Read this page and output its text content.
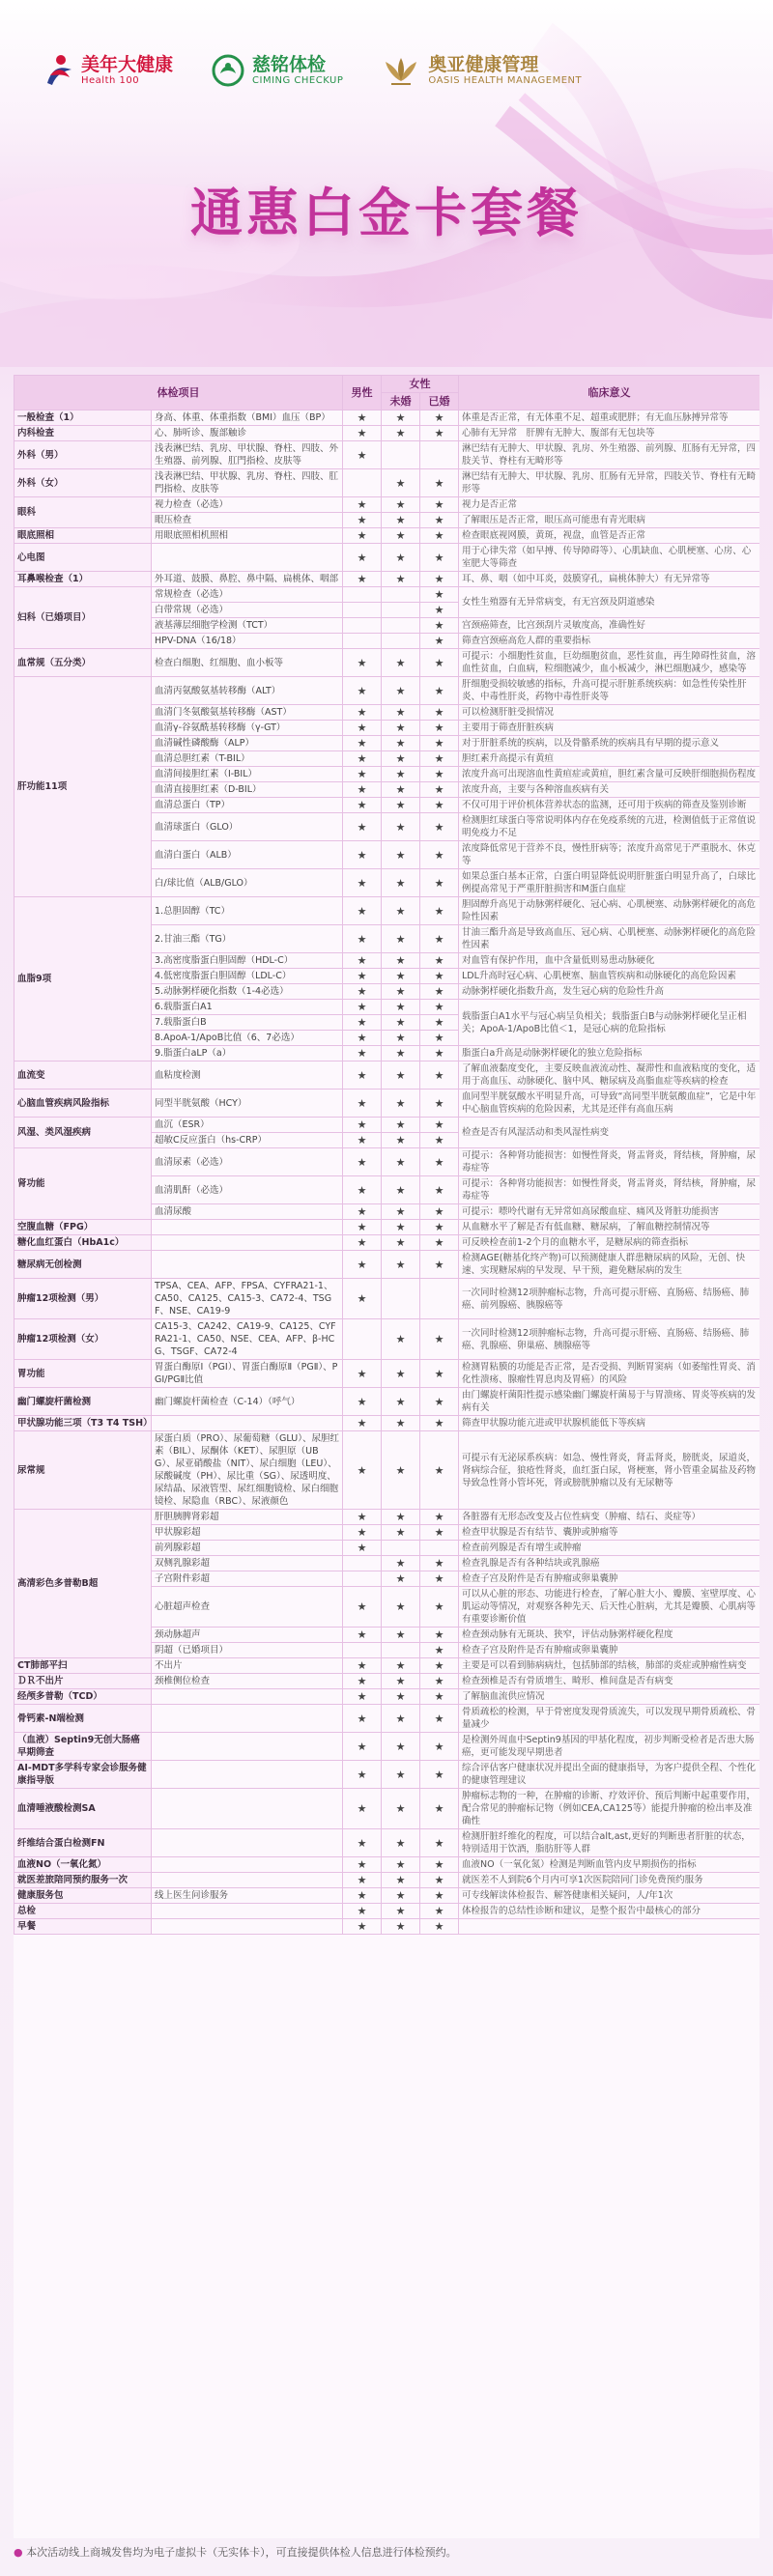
美年大健康
Health 100
慈铭体检
CIMING CHECKUP
奥亚健康管理
OASIS HEALTH MANAGEMENT
通惠白金卡套餐
体检项目		男性	女性		临床意义
			未婚	已婚	
一般检查（1）	身高、体重、体重指数（BMI）血压（BP）	★	★	★	体重是否正常，有无体重不足、超重或肥胖；有无血压脉搏异常等
内科检查	心、肺听诊、腹部触诊	★	★	★	心肺有无异常　肝脾有无肿大、腹部有无包块等
外科（男）	浅表淋巴结、乳房、甲状腺、脊柱、四肢、外生殖器、前列腺、肛門指检、皮肤等	★			淋巴结有无肿大、甲状腺、乳房、外生殖器、前列腺、肛肠有无异常，四肢关节、脊柱有无畸形等
外科（女）	浅表淋巴结、甲状腺、乳房、脊柱、四肢、肛門指检、皮肤等		★	★	淋巴结有无肿大、甲状腺、乳房、肛肠有无异常，四肢关节、脊柱有无畸形等
眼科	视力检查（必选）	★	★	★	视力是否正常
	眼压检查	★	★	★	了解眼压是否正常，眼压高可能患有青光眼病
眼底照相	用眼底照相机照相	★	★	★	检查眼底视网膜，黄斑，视盘，血管是否正常
心电图		★	★	★	用于心律失常（如早搏、传导障碍等）、心肌缺血、心肌梗塞、心房、心室肥大等筛查
耳鼻喉检查（1）	外耳道、鼓膜、鼻腔、鼻中隔、扁桃体、咽部	★	★	★	耳、鼻、咽（如中耳炎，鼓膜穿孔，扁桃体肿大）有无异常等
妇科（已婚项目）	常规检查（必选）			★	女性生殖器有无异常病变，有无宫颈及阴道感染
	白带常规（必选）			★	
	液基薄层细胞学检测（TCT）			★	宫颈癌筛查，比宫颈刮片灵敏度高，准确性好
	HPV-DNA（16/18）			★	筛查宫颈癌高危人群的重要指标
血常规（五分类）	检查白细胞、红细胞、血小板等	★	★	★	可提示：小细胞性贫血，巨幼细胞贫血，恶性贫血，再生障碍性贫血，溶血性贫血，白血病，粒细胞减少，血小板减少，淋巴细胞减少，感染等
肝功能11项	血清丙氨酸氨基转移酶（ALT）	★	★	★	肝细胞受损较敏感的指标，升高可提示肝脏系统疾病：如急性传染性肝炎、中毒性肝炎，药物中毒性肝炎等
	血清门冬氨酸氨基转移酶（AST）	★	★	★	可以检测肝脏受损情况
	血清γ-谷氨酰基转移酶（γ-GT）	★	★	★	主要用于筛查肝脏疾病
	血清碱性磷酸酶（ALP）	★	★	★	对于肝脏系统的疾病，以及骨骼系统的疾病具有早期的提示意义
	血清总胆红素（T-BIL）	★	★	★	胆红素升高提示有黄疸
	血清间接胆红素（I-BIL）	★	★	★	浓度升高可出现溶血性黄疸症或黄疸，胆红素含量可反映肝细胞损伤程度
	血清直接胆红素（D-BIL）	★	★	★	浓度升高，主要与各种溶血疾病有关
	血清总蛋白（TP）	★	★	★	不仅可用于评价机体营养状态的监测，还可用于疾病的筛查及鉴别诊断
	血清球蛋白（GLO）	★	★	★	检测胆红球蛋白等常说明体内存在免疫系统的亢进，检测值低于正常值说明免疫力不足
	血清白蛋白（ALB）	★	★	★	浓度降低常见于营养不良，慢性肝病等；浓度升高常见于严重脱水、休克等
	白/球比值（ALB/GLO）	★	★	★	如果总蛋白基本正常，白蛋白明显降低说明肝脏蛋白明显升高了，白球比例提高常见于严重肝脏损害和M蛋白血症
血脂9项	1.总胆固醇（TC）	★	★	★	胆固醇升高见于动脉粥样硬化、冠心病、心肌梗塞、动脉粥样硬化的高危险性因素
	2.甘油三酯（TG）	★	★	★	甘油三酯升高是导致高血压、冠心病、心肌梗塞、动脉粥样硬化的高危险性因素
	3.高密度脂蛋白胆固醇（HDL-C）	★	★	★	对血管有保护作用，血中含量低则易患动脉硬化
	4.低密度脂蛋白胆固醇（LDL-C）	★	★	★	LDL升高时冠心病、心肌梗塞、脑血管疾病和动脉硬化的高危险因素
	5.动脉粥样硬化指数（1-4必选）	★	★	★	动脉粥样硬化指数升高，发生冠心病的危险性升高
	6.载脂蛋白A1	★	★	★	载脂蛋白A1水平与冠心病呈负相关；载脂蛋白B与动脉粥样硬化呈正相关；ApoA-1/ApoB比值＜1，是冠心病的危险指标
	7.载脂蛋白B	★	★	★	
	8.ApoA-1/ApoB比值（6、7必选）	★	★	★	
	9.脂蛋白aLP（a）	★	★	★	脂蛋白a升高是动脉粥样硬化的独立危险指标
血流变	血粘度检测	★	★	★	了解血液黏度变化，主要反映血液流动性、凝滞性和血液粘度的变化，适用于高血压、动脉硬化、脑中风、糖尿病及高脂血症等疾病的检查
心脑血管疾病风险指标	同型半胱氨酸（HCY）	★	★	★	血同型半胱氨酸水平明显升高，可导致“高同型半胱氨酸血症”，它是中年中心脑血管疾病的危险因素，尤其是还伴有高血压病
风湿、类风湿疾病	血沉（ESR）	★	★	★	检查是否有风湿活动和类风湿性病变
	超敏C反应蛋白（hs-CRP）	★	★	★	
肾功能	血清尿素（必选）	★	★	★	可提示：各种肾功能损害：如慢性肾炎，肾盂肾炎，肾结核，肾肿瘤，尿毒症等
	血清肌酐（必选）	★	★	★	可提示：各种肾功能损害：如慢性肾炎，肾盂肾炎，肾结核，肾肿瘤，尿毒症等
	血清尿酸	★	★	★	可提示：嘌呤代谢有无异常如高尿酸血症、痛风及肾脏功能损害
空腹血糖（FPG）		★	★	★	从血糖水平了解是否有低血糖、糖尿病，了解血糖控制情况等
糖化血红蛋白（HbA1c）		★	★	★	可反映检查前1-2个月的血糖水平，是糖尿病的筛查指标
糖尿病无创检测		★	★	★	检测AGE(糖基化终产物)可以预测健康人群患糖尿病的风险，无创、快速、实现糖尿病的早发现、早干预，避免糖尿病的发生
肿瘤12项检测（男）	TPSA、CEA、AFP、FPSA、CYFRA21-1、CA50、CA125、CA15-3、CA72-4、TSGF、NSE、CA19-9	★			一次同时检测12项肿瘤标志物，升高可提示肝癌、直肠癌、结肠癌、肺癌、前列腺癌、胰腺癌等
肿瘤12项检测（女）	CA15-3、CA242、CA19-9、CA125、CYFRA21-1、CA50、NSE、CEA、AFP、β-HCG、TSGF、CA72-4		★	★	一次同时检测12项肿瘤标志物，升高可提示肝癌、直肠癌、结肠癌、肺癌、乳腺癌、卵巢癌、胰腺癌等
胃功能	胃蛋白酶原Ⅰ（PGⅠ）、胃蛋白酶原Ⅱ（PGⅡ）、PGⅠ/PGⅡ比值	★	★	★	检测胃粘膜的功能是否正常，是否受损、判断胃窦病（如萎缩性胃炎、消化性溃疡、腺瘤性胃息肉及胃癌）的风险
幽门螺旋杆菌检测	幽门螺旋杆菌检查（C-14）（呼气）	★	★	★	由门螺旋杆菌阳性提示感染幽门螺旋杆菌易于与胃溃疡、胃炎等疾病的发病有关
甲状腺功能三项（T3 T4 TSH）		★	★	★	筛查甲状腺功能亢进或甲状腺机能低下等疾病
尿常规	尿蛋白质（PRO）、尿葡萄糖（GLU）、尿胆红素（BIL）、尿酮体（KET）、尿胆原（UBG）、尿亚硝酸盐（NIT）、尿白细胞（LEU）、尿酸碱度（PH）、尿比重（SG）、尿透明度、尿结晶、尿液管型、尿红细胞镜检、尿白细胞镜检、尿隐血（RBC）、尿液颜色	★	★	★	可提示有无泌尿系疾病：如急、慢性肾炎，肾盂肾炎，膀胱炎，尿道炎，肾病综合征，狼疮性肾炎，血红蛋白尿，肾梗塞，肾小管重金属盐及药物导致急性肾小管坏死，肾或膀胱肿瘤以及有无尿糖等
高清彩色多普勒B超	肝胆胰脾肾彩超	★	★	★	各脏器有无形态改变及占位性病变（肿瘤、结石、炎症等）
	甲状腺彩超	★	★	★	检查甲状腺是否有结节、囊肿或肿瘤等
	前列腺彩超	★			检查前列腺是否有增生或肿瘤
	双侧乳腺彩超		★	★	检查乳腺是否有各种结块或乳腺癌
	子宫附件彩超		★	★	检查子宫及附件是否有肿瘤或卵巢囊肿
	心脏超声检查	★	★	★	可以从心脏的形态、功能进行检查，了解心脏大小、瓣膜、室壁厚度、心肌运动等情况，对观察各种先天、后天性心脏病，尤其是瓣膜、心肌病等有重要诊断价值
	颈动脉超声	★	★	★	检查颈动脉有无斑块、狭窄，评估动脉粥样硬化程度
	阴超（已婚项目）			★	检查子宫及附件是否有肿瘤或卵巢囊肿
CT肺部平扫	不出片	★	★	★	主要是可以看到肺病病灶，包括肺部的结核，肺部的炎症或肿瘤性病变
ＤＲ不出片	颈椎侧位检查	★	★	★	检查颈椎是否有骨质增生、畸形、椎间盘是否有病变
经颅多普勒（TCD）		★	★	★	了解脑血流供应情况
骨钙素-N端检测		★	★	★	骨质疏松的检测，早于骨密度发现骨质流失，可以发现早期骨质疏松、骨量减少
（血液）Septin9无创大肠癌早期筛查		★	★	★	是检测外周血中Septin9基因的甲基化程度，初步判断受检者是否患大肠癌，更可能发现早期患者
AI-MDT多学科专家会诊服务健康指导版		★	★	★	综合评估客户健康状况并提出全面的健康指导，为客户提供全程、个性化的健康管理建议
血清唾液酸检测SA		★	★	★	肿瘤标志物的一种，在肿瘤的诊断、疗效评价、预后判断中起重要作用，配合常见的肿瘤标记物（例如CEA,CA125等）能提升肿瘤的检出率及准确性
纤维结合蛋白检测FN		★	★	★	检测肝脏纤维化的程度，可以结合alt,ast,更好的判断患者肝脏的状态，特别适用于饮酒，脂肪肝等人群
血液NO（一氧化氮）		★	★	★	血液NO（一氧化氮）检测是判断血管内皮早期损伤的指标
就医差旅陪同预约服务一次		★	★	★	就医差不人到院6个月内可享1次医院陪同门诊免费预约服务
健康服务包	线上医生问诊服务	★	★	★	可专线解读体检报告、解答健康相关疑问，人/年1次
总检		★	★	★	体检报告的总结性诊断和建议，是整个报告中最核心的部分
早餐		★	★	★	
● 本次活动线上商城发售均为电子虚拟卡（无实体卡），可直接提供体检人信息进行体检预约。
